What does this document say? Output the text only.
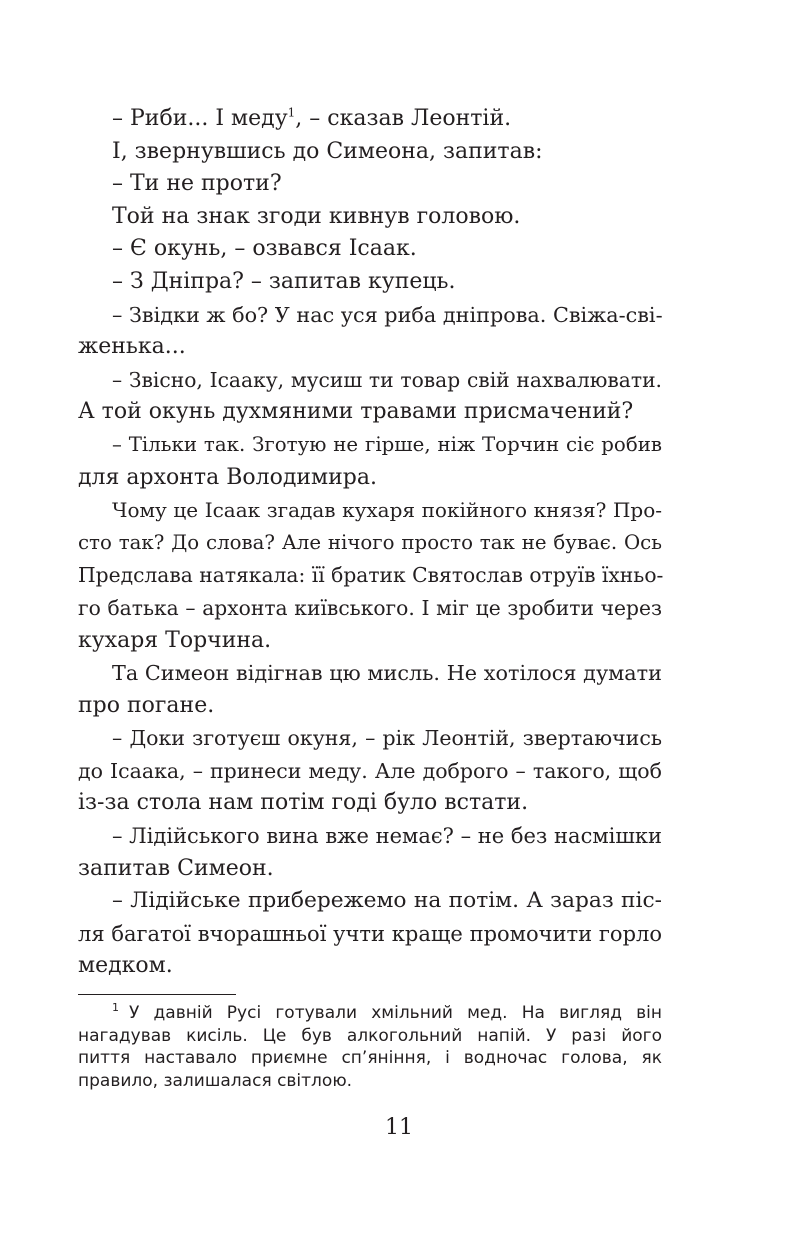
– Риби... І меду$^1$, – сказав Леонтій.
І, звернувшись до Симеона, запитав:
– Ти не проти?
Той на знак згоди кивнув головою.
– Є окунь, – озвався Ісаак.
– З Дніпра? – запитав купець.
– Звідки ж бо? У нас уся риба дніпрова. Свіжа-сві-
женька...
– Звісно, Ісааку, мусиш ти товар свій нахвалювати.
А той окунь духмяними травами присмачений?
– Тільки так. Зготую не гірше, ніж Торчин сіє робив
для архонта Володимира.
Чому це Ісаак згадав кухаря покійного князя? Про-
сто так? До слова? Але нічого просто так не буває. Ось
Предслава натякала: її братик Святослав отруїв їхньо-
го батька – архонта київського. І міг це зробити через
кухаря Торчина.
Та Симеон відігнав цю мисль. Не хотілося думати
про погане.
– Доки зготуєш окуня, – рік Леонтій, звертаючись
до Ісаака, – принеси меду. Але доброго – такого, щоб
із-за стола нам потім годі було встати.
– Лідійського вина вже немає? – не без насмішки
запитав Симеон.
– Лідійське прибережемо на потім. А зараз піс-
ля багатої вчорашньої учти краще промочити горло
медком.
$^1$ У давній Русі готували хмільний мед. На вигляд він
нагадував кисіль. Це був алкогольний напій. У разі його
пиття наставало приємне сп’яніння, і водночас голова, як
правило, залишалася світлою.
11
